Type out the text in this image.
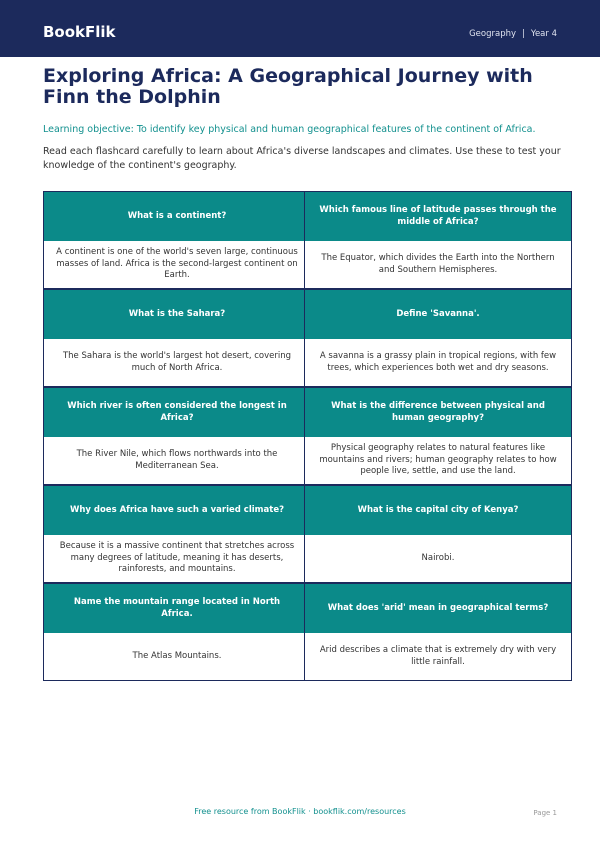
BookFlik	Geography | Year 4
Exploring Africa: A Geographical Journey with Finn the Dolphin
Learning objective: To identify key physical and human geographical features of the continent of Africa.
Read each flashcard carefully to learn about Africa's diverse landscapes and climates. Use these to test your knowledge of the continent's geography.
What is a continent?
A continent is one of the world's seven large, continuous masses of land. Africa is the second-largest continent on Earth.
Which famous line of latitude passes through the middle of Africa?
The Equator, which divides the Earth into the Northern and Southern Hemispheres.
What is the Sahara?
The Sahara is the world's largest hot desert, covering much of North Africa.
Define 'Savanna'.
A savanna is a grassy plain in tropical regions, with few trees, which experiences both wet and dry seasons.
Which river is often considered the longest in Africa?
The River Nile, which flows northwards into the Mediterranean Sea.
What is the difference between physical and human geography?
Physical geography relates to natural features like mountains and rivers; human geography relates to how people live, settle, and use the land.
Why does Africa have such a varied climate?
Because it is a massive continent that stretches across many degrees of latitude, meaning it has deserts, rainforests, and mountains.
What is the capital city of Kenya?
Nairobi.
Name the mountain range located in North Africa.
The Atlas Mountains.
What does 'arid' mean in geographical terms?
Arid describes a climate that is extremely dry with very little rainfall.
Free resource from BookFlik · bookflik.com/resources	Page 1
